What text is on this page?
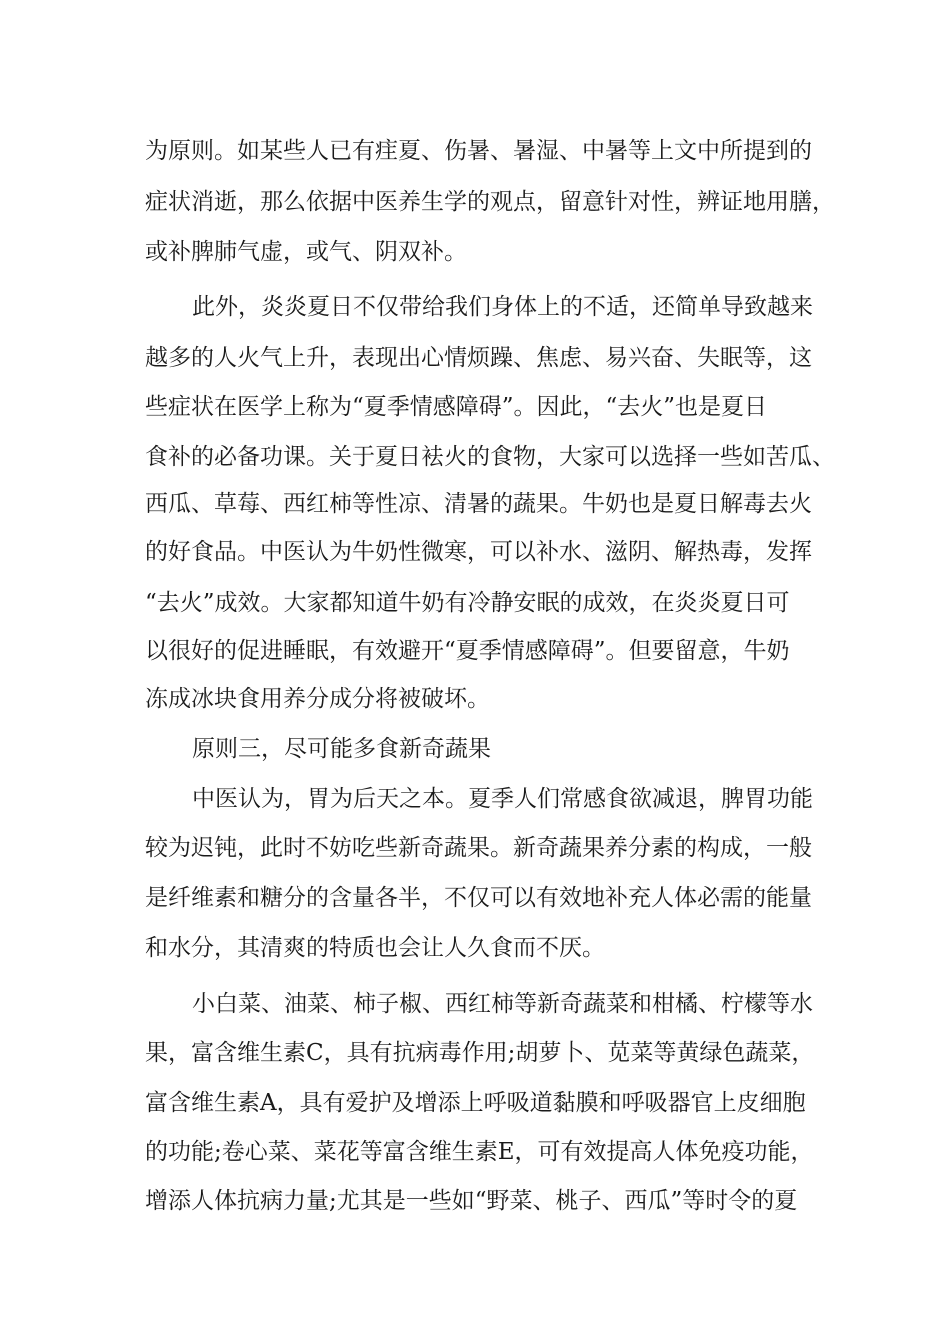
为原则。如某些人已有疰夏、伤暑、暑湿、中暑等上文中所提到的

症状消逝，那么依据中医养生学的观点，留意针对性，辨证地用膳，

或补脾肺气虚，或气、阴双补。

此外，炎炎夏日不仅带给我们身体上的不适，还简单导致越来

越多的人火气上升，表现出心情烦躁、焦虑、易兴奋、失眠等，这

些症状在医学上称为“夏季情感障碍”。因此，“去火”也是夏日

食补的必备功课。关于夏日袪火的食物，大家可以选择一些如苦瓜、

西瓜、草莓、西红柿等性凉、清暑的蔬果。牛奶也是夏日解毒去火

的好食品。中医认为牛奶性微寒，可以补水、滋阴、解热毒，发挥

“去火”成效。大家都知道牛奶有冷静安眠的成效，在炎炎夏日可

以很好的促进睡眠，有效避开“夏季情感障碍”。但要留意，牛奶

冻成冰块食用养分成分将被破坏。

原则三，尽可能多食新奇蔬果

中医认为，胃为后天之本。夏季人们常感食欲减退，脾胃功能

较为迟钝，此时不妨吃些新奇蔬果。新奇蔬果养分素的构成，一般

是纤维素和糖分的含量各半，不仅可以有效地补充人体必需的能量

和水分，其清爽的特质也会让人久食而不厌。

小白菜、油菜、柿子椒、西红柿等新奇蔬菜和柑橘、柠檬等水

果，富含维生素C，具有抗病毒作用;胡萝卜、苋菜等黄绿色蔬菜，

富含维生素A，具有爱护及增添上呼吸道黏膜和呼吸器官上皮细胞

的功能;卷心菜、菜花等富含维生素E，可有效提高人体免疫功能，

增添人体抗病力量;尤其是一些如“野菜、桃子、西瓜”等时令的夏
